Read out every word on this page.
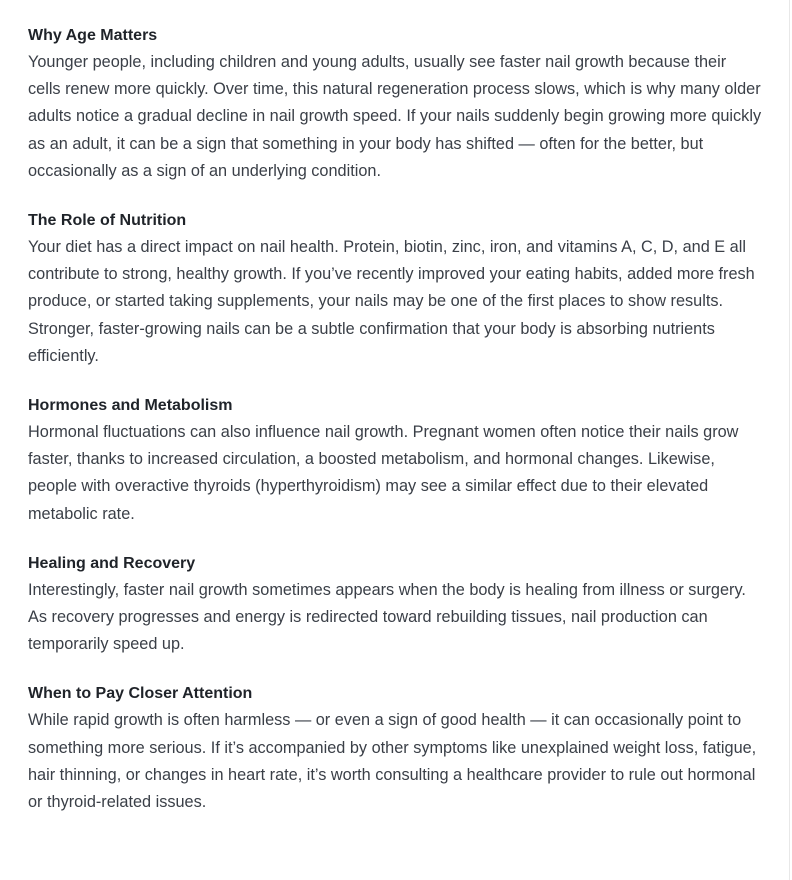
Why Age Matters

Younger people, including children and young adults, usually see faster nail growth because their cells renew more quickly. Over time, this natural regeneration process slows, which is why many older adults notice a gradual decline in nail growth speed. If your nails suddenly begin growing more quickly as an adult, it can be a sign that something in your body has shifted — often for the better, but occasionally as a sign of an underlying condition.

The Role of Nutrition

Your diet has a direct impact on nail health. Protein, biotin, zinc, iron, and vitamins A, C, D, and E all contribute to strong, healthy growth. If you’ve recently improved your eating habits, added more fresh produce, or started taking supplements, your nails may be one of the first places to show results. Stronger, faster-growing nails can be a subtle confirmation that your body is absorbing nutrients efficiently.

Hormones and Metabolism

Hormonal fluctuations can also influence nail growth. Pregnant women often notice their nails grow faster, thanks to increased circulation, a boosted metabolism, and hormonal changes. Likewise, people with overactive thyroids (hyperthyroidism) may see a similar effect due to their elevated metabolic rate.

Healing and Recovery

Interestingly, faster nail growth sometimes appears when the body is healing from illness or surgery. As recovery progresses and energy is redirected toward rebuilding tissues, nail production can temporarily speed up.

When to Pay Closer Attention

While rapid growth is often harmless — or even a sign of good health — it can occasionally point to something more serious. If it’s accompanied by other symptoms like unexplained weight loss, fatigue, hair thinning, or changes in heart rate, it’s worth consulting a healthcare provider to rule out hormonal or thyroid-related issues.
